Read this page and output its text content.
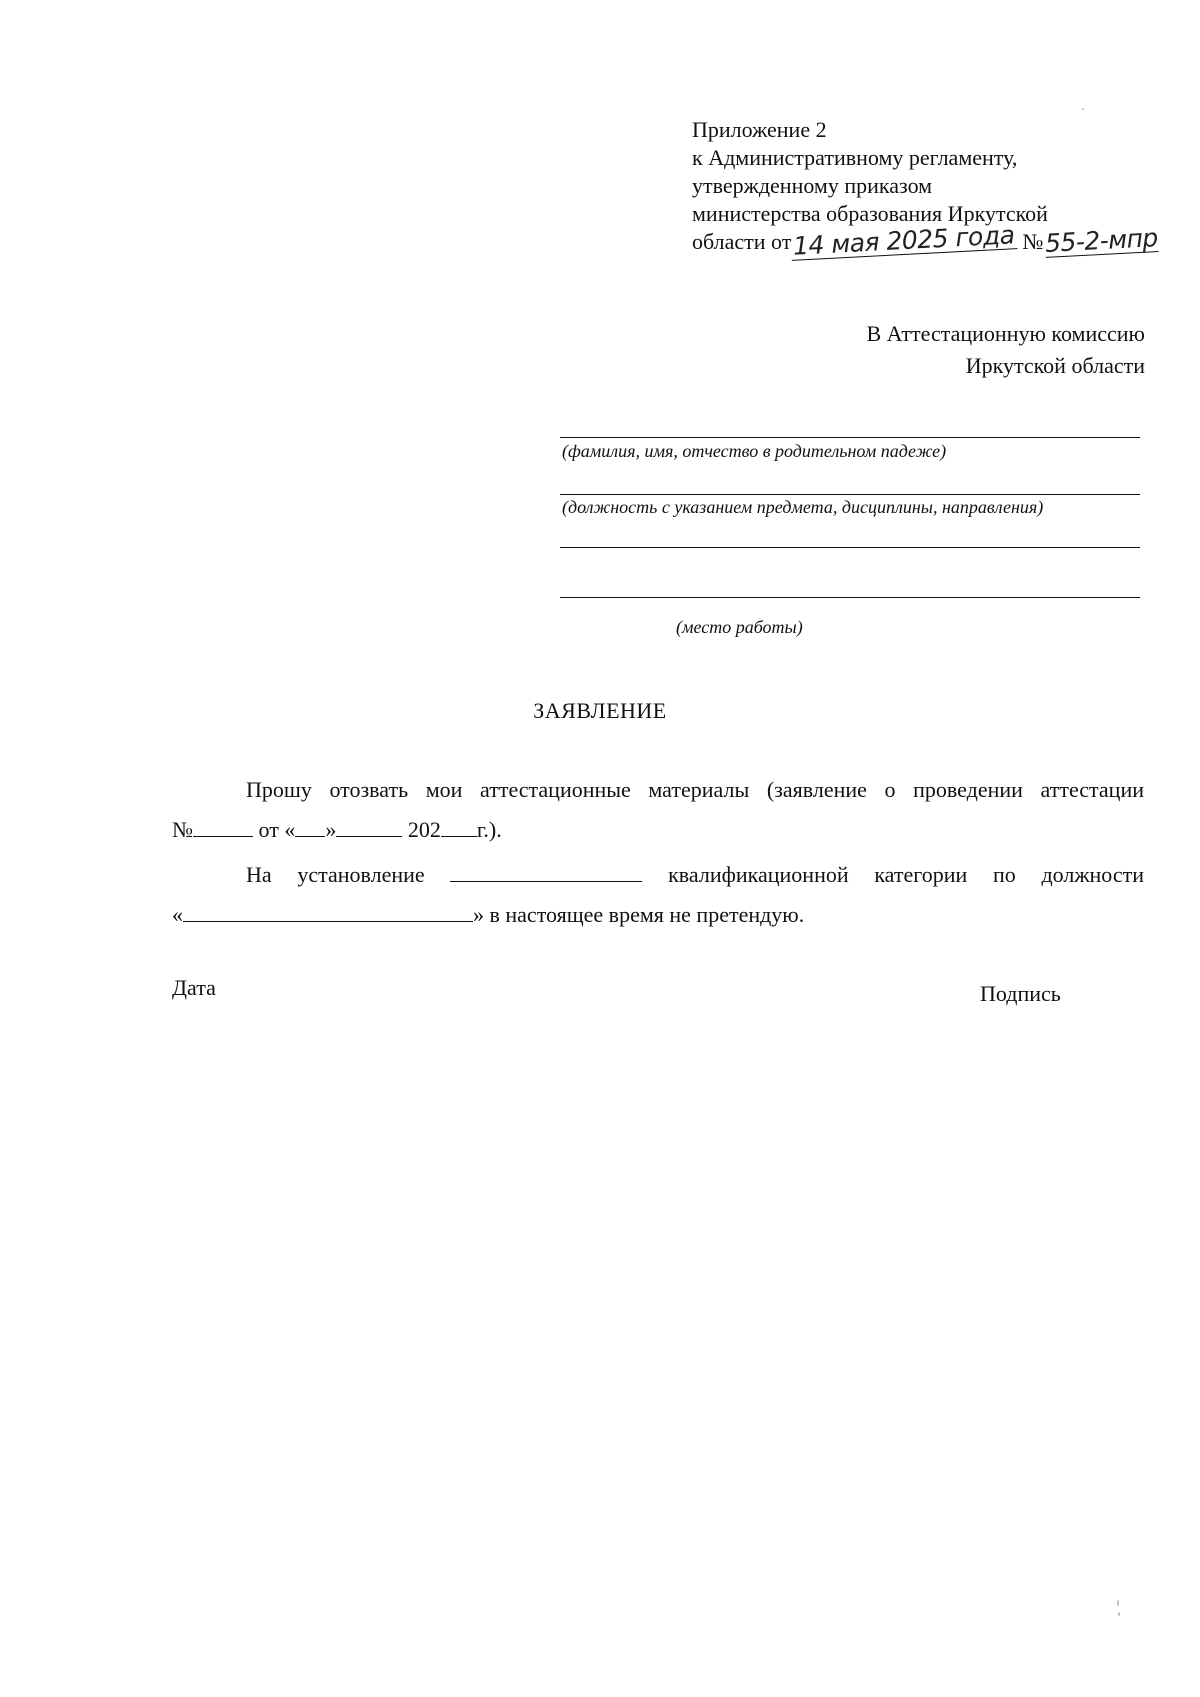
Приложение 2
к Административному регламенту,
утвержденному приказом
министерства образования Иркутской
области от14 мая 2025 года №55-2-мпр
В Аттестационную комиссию
Иркутской области
(фамилия, имя, отчество в родительном падеже)
(должность с указанием предмета, дисциплины, направления)
(место работы)
ЗАЯВЛЕНИЕ
Прошу отозвать мои аттестационные материалы (заявление о проведении аттестации
№	от « »	202 г.).
На установление	квалификационной категории по должности
«	» в настоящее время не претендую.
Дата	Подпись
